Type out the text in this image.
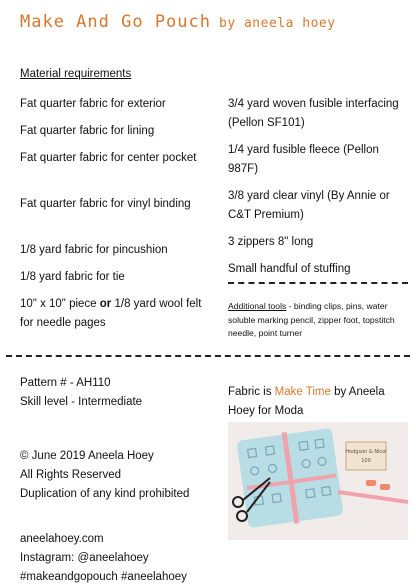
Make And Go Pouch by aneela hoey
Material requirements
Fat quarter fabric for exterior
Fat quarter fabric for lining
Fat quarter fabric for center pocket
Fat quarter fabric for vinyl binding
1/8 yard fabric for pincushion
1/8 yard fabric for tie
10" x 10" piece or 1/8 yard wool felt for needle pages
3/4 yard woven fusible interfacing (Pellon SF101)
1/4 yard fusible fleece (Pellon 987F)
3/8 yard clear vinyl (By Annie or C&T Premium)
3 zippers 8" long
Small handful of stuffing
Additional tools - binding clips, pins, water soluble marking pencil, zipper foot, topstitch needle, point turner
Pattern # - AH110
Skill level - Intermediate
© June 2019 Aneela Hoey
All Rights Reserved
Duplication of any kind prohibited
aneelahoey.com
Instagram: @aneelahoey
#makeandgopouch #aneelahoey
Fabric is Make Time by Aneela Hoey for Moda
Hodgson & Nicol
100
